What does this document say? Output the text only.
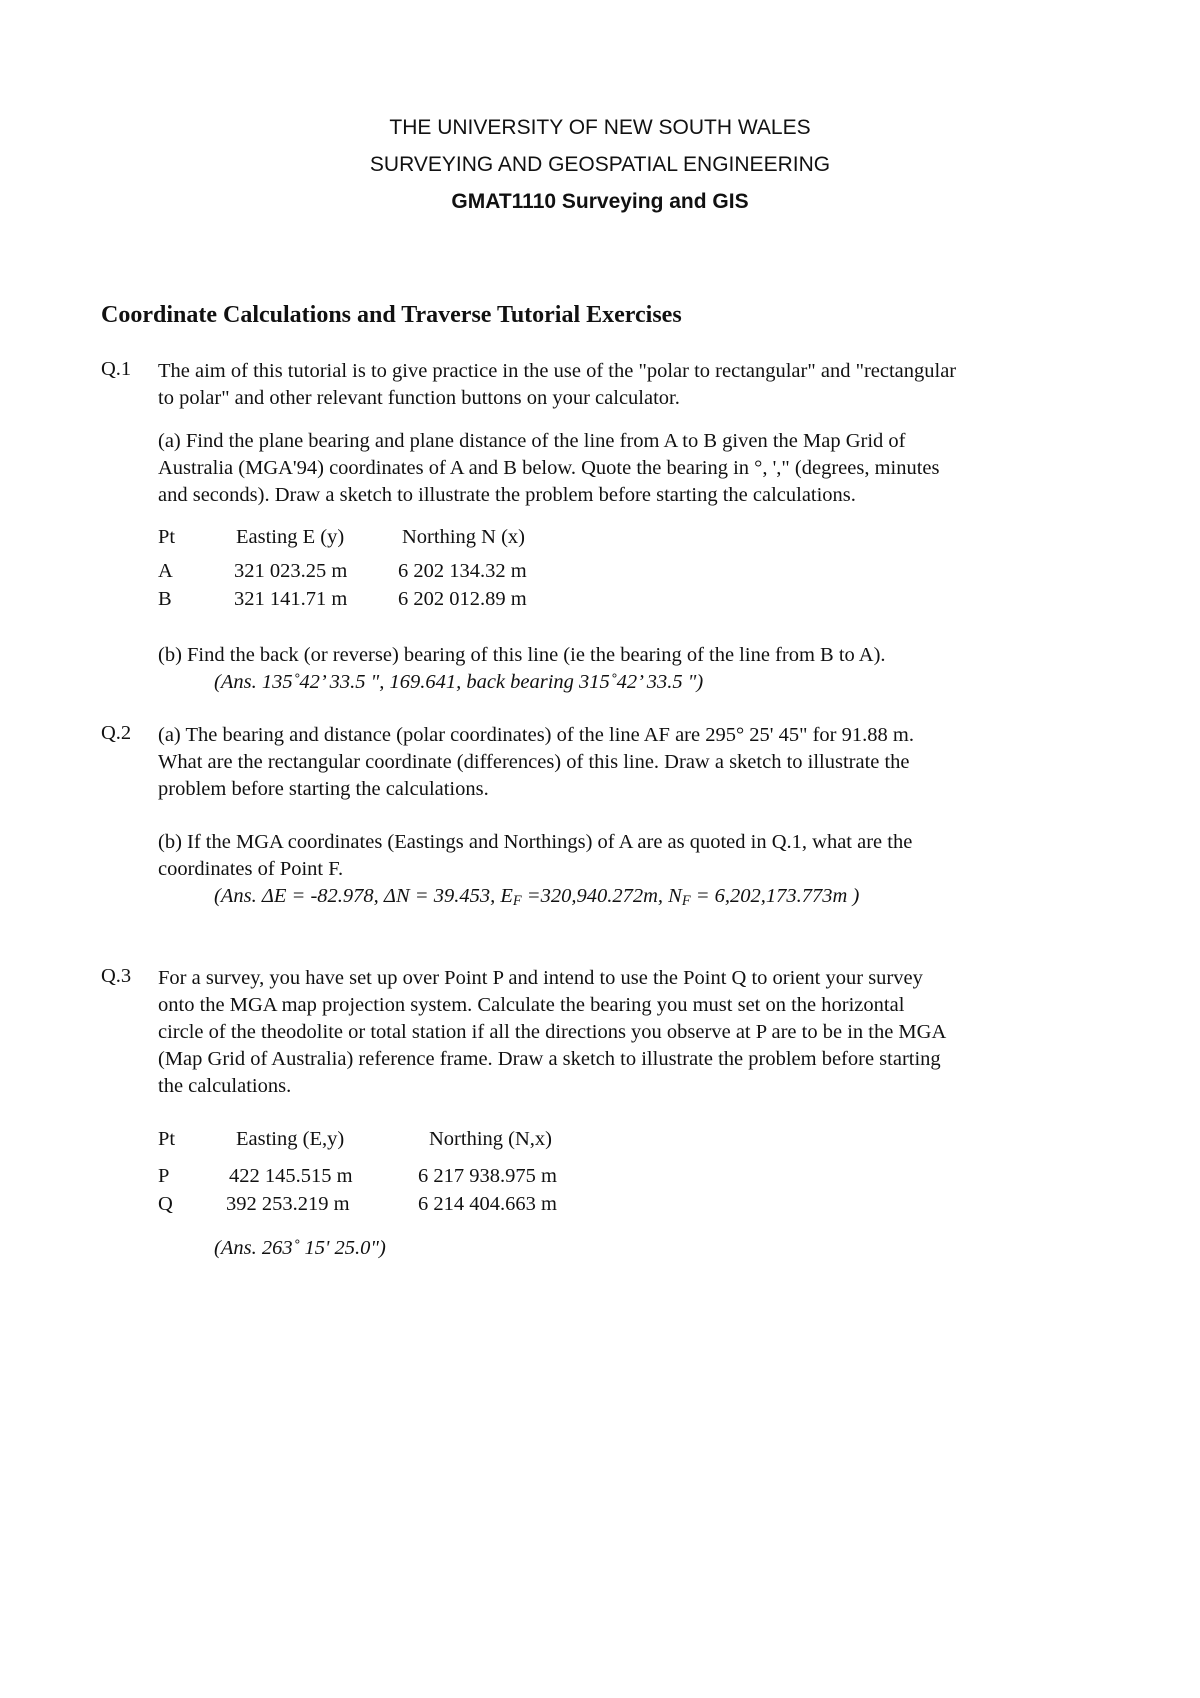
THE UNIVERSITY OF NEW SOUTH WALES
SURVEYING AND GEOSPATIAL ENGINEERING
GMAT1110 Surveying and GIS
Coordinate Calculations and Traverse Tutorial Exercises
Q.1 The aim of this tutorial is to give practice in the use of the "polar to rectangular" and "rectangular
to polar" and other relevant function buttons on your calculator.
(a) Find the plane bearing and plane distance of the line from A to B given the Map Grid of
Australia (MGA'94) coordinates of A and B below. Quote the bearing in °, '," (degrees, minutes
and seconds). Draw a sketch to illustrate the problem before starting the calculations.
Pt	Easting E (y)	Northing N (x)
A	321 023.25 m 6 202 134.32 m
B	321 141.71 m 6 202 012.89 m
(b) Find the back (or reverse) bearing of this line (ie the bearing of the line from B to A).
(Ans. 135˚42’ 33.5 ", 169.641, back bearing 315˚42’ 33.5 ")
Q.2 (a) The bearing and distance (polar coordinates) of the line AF are 295° 25' 45" for 91.88 m.
What are the rectangular coordinate (differences) of this line. Draw a sketch to illustrate the
problem before starting the calculations.
(b) If the MGA coordinates (Eastings and Northings) of A are as quoted in Q.1, what are the
coordinates of Point F.
(Ans. ΔE = -82.978, ΔN = 39.453, $E_F =320,940.272m$, $N_F = 6,202,173.773m$ )
Q.3 For a survey, you have set up over Point P and intend to use the Point Q to orient your survey
onto the MGA map projection system. Calculate the bearing you must set on the horizontal
circle of the theodolite or total station if all the directions you observe at P are to be in the MGA
(Map Grid of Australia) reference frame. Draw a sketch to illustrate the problem before starting
the calculations.
Pt	Easting (E,y)	Northing (N,x)
P	422 145.515 m	6 217 938.975 m
Q	392 253.219 m	6 214 404.663 m
(Ans. 263˚ 15' 25.0")
